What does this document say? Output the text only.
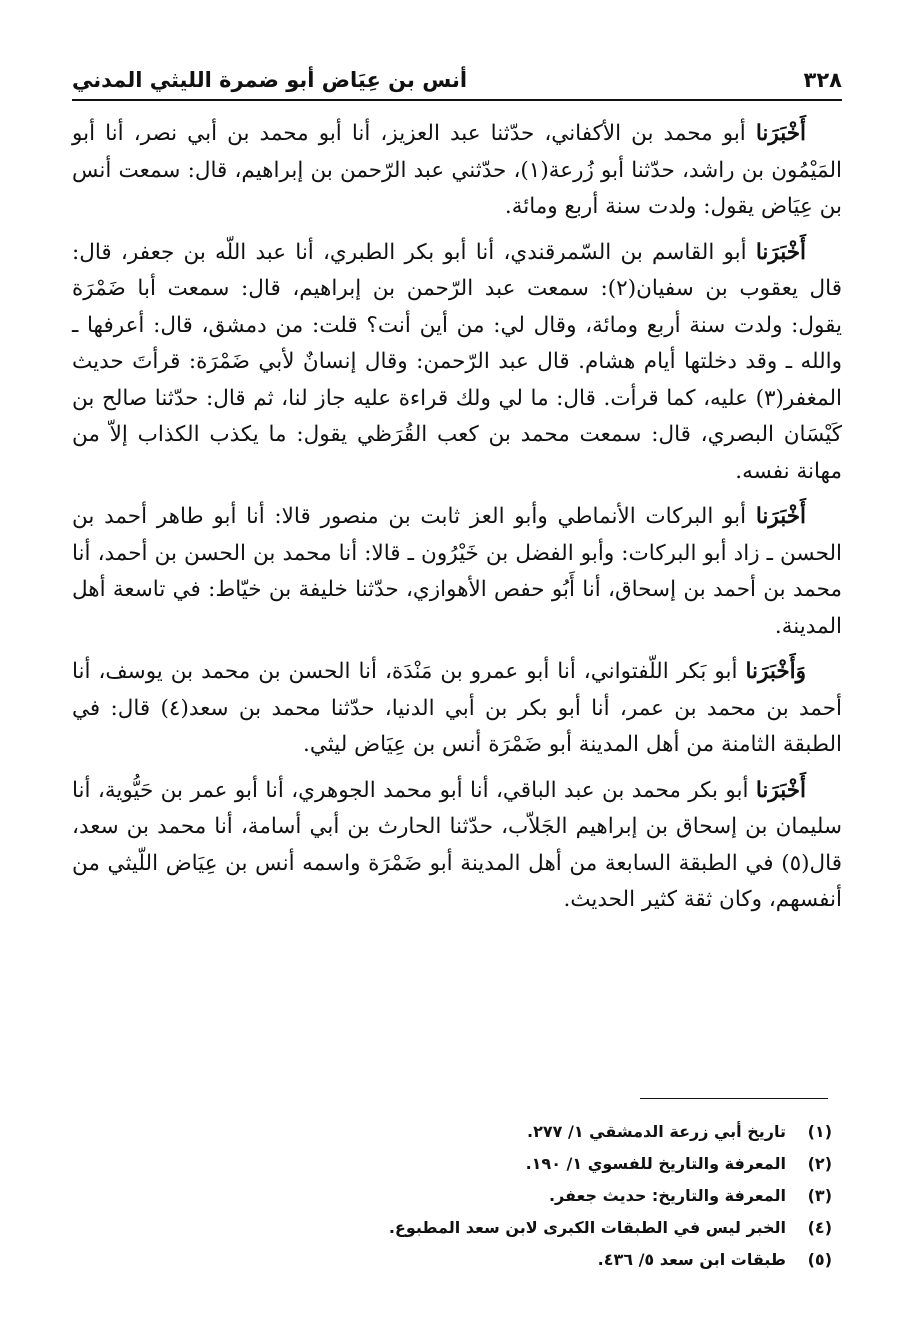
٣٢٨
أنس بن عِيَاض أبو ضمرة الليثي المدني

أَخْبَرَنا أبو محمد بن الأكفاني، حدّثنا عبد العزيز، أنا أبو محمد بن أبي نصر، أنا أبو المَيْمُون بن راشد، حدّثنا أبو زُرعة(١)، حدّثني عبد الرّحمن بن إبراهيم، قال: سمعت أنس بن عِيَاض يقول: ولدت سنة أربع ومائة.

أَخْبَرَنا أبو القاسم بن السّمرقندي، أنا أبو بكر الطبري، أنا عبد اللّه بن جعفر، قال: قال يعقوب بن سفيان(٢): سمعت عبد الرّحمن بن إبراهيم، قال: سمعت أبا ضَمْرَة يقول: ولدت سنة أربع ومائة، وقال لي: من أين أنت؟ قلت: من دمشق، قال: أعرفها ـ والله ـ وقد دخلتها أيام هشام. قال عبد الرّحمن: وقال إنسانٌ لأبي ضَمْرَة: قرأتَ حديث المغفر(٣) عليه، كما قرأت. قال: ما لي ولك قراءة عليه جاز لنا، ثم قال: حدّثنا صالح بن كَيْسَان البصري، قال: سمعت محمد بن كعب القُرَظي يقول: ما يكذب الكذاب إلاّ من مهانة نفسه.

أَخْبَرَنا أبو البركات الأنماطي وأبو العز ثابت بن منصور قالا: أنا أبو طاهر أحمد بن الحسن ـ زاد أبو البركات: وأبو الفضل بن خَيْرُون ـ قالا: أنا محمد بن الحسن بن أحمد، أنا محمد بن أحمد بن إسحاق، أنا أَبُو حفص الأهوازي، حدّثنا خليفة بن خيّاط: في تاسعة أهل المدينة.

وَأَخْبَرَنا أبو بَكر اللّفتواني، أنا أبو عمرو بن مَنْدَة، أنا الحسن بن محمد بن يوسف، أنا أحمد بن محمد بن عمر، أنا أبو بكر بن أبي الدنيا، حدّثنا محمد بن سعد(٤) قال: في الطبقة الثامنة من أهل المدينة أبو ضَمْرَة أنس بن عِيَاض ليثي.

أَخْبَرَنا أبو بكر محمد بن عبد الباقي، أنا أبو محمد الجوهري، أنا أبو عمر بن حَيُّوية، أنا سليمان بن إسحاق بن إبراهيم الجَلاّب، حدّثنا الحارث بن أبي أسامة، أنا محمد بن سعد، قال(٥) في الطبقة السابعة من أهل المدينة أبو ضَمْرَة واسمه أنس بن عِيَاض اللّيثي من أنفسهم، وكان ثقة كثير الحديث.

(١)
تاريخ أبي زرعة الدمشقي ١/ ٢٧٧.
(٢)
المعرفة والتاريخ للفسوي ١/ ١٩٠.
(٣)
المعرفة والتاريخ: حديث جعفر.
(٤)
الخبر ليس في الطبقات الكبرى لابن سعد المطبوع.
(٥)
طبقات ابن سعد ٥/ ٤٣٦.
